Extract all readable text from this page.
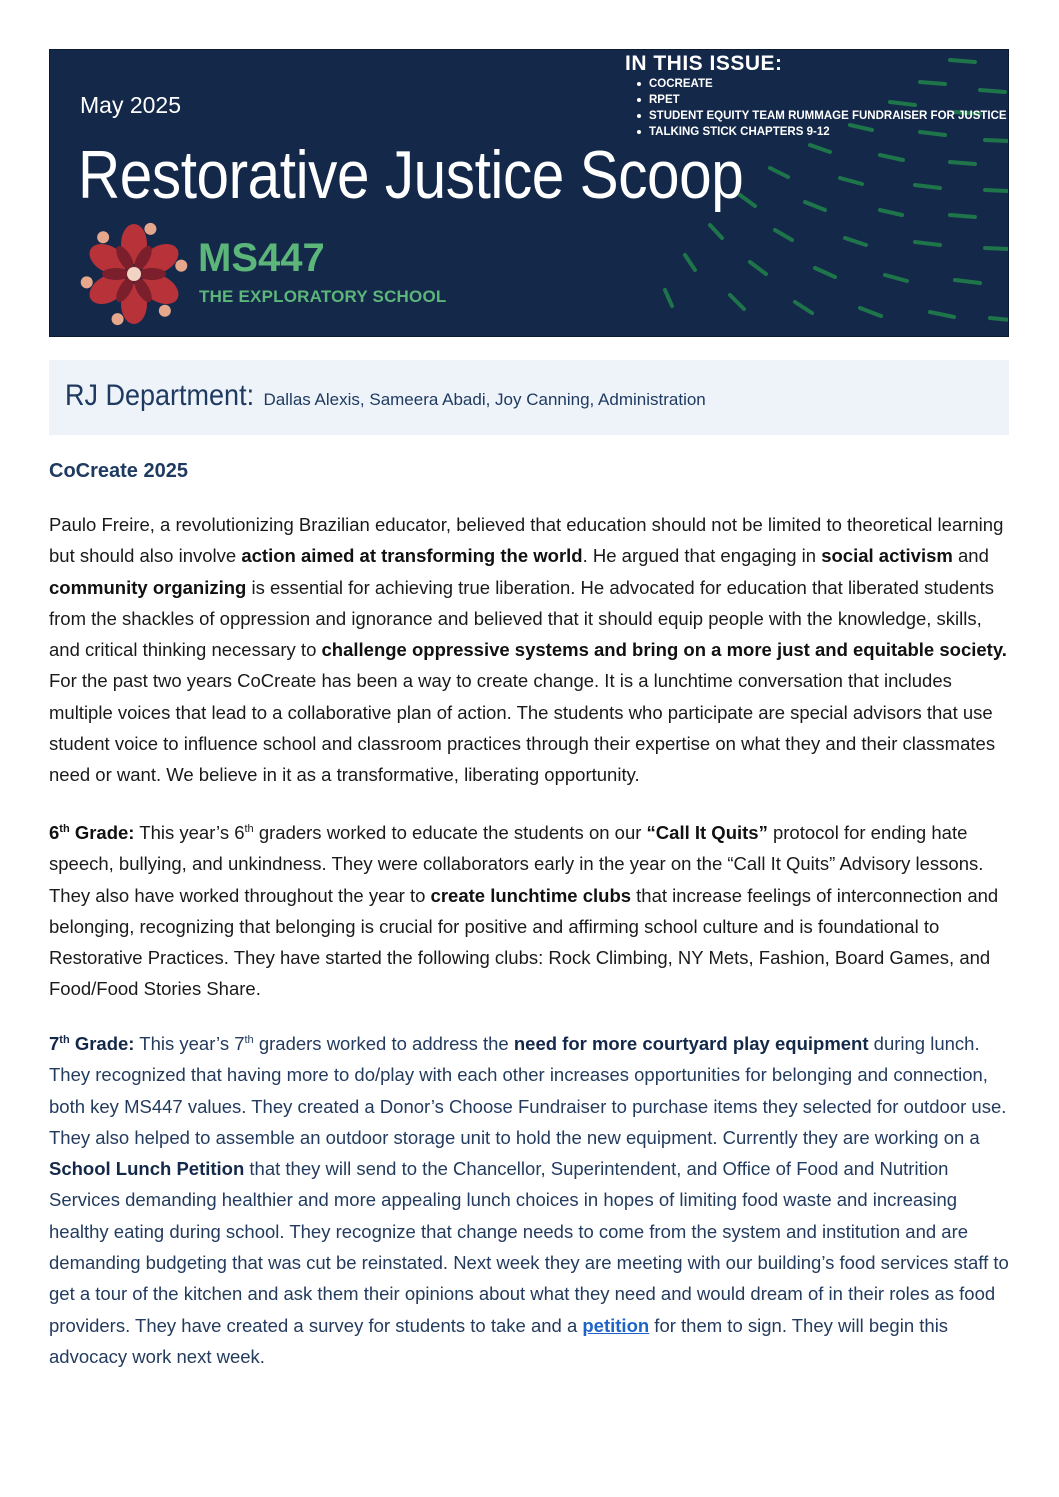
May 2025
Restorative Justice Scoop
IN THIS ISSUE:
COCREATE
RPET
STUDENT EQUITY TEAM RUMMAGE FUNDRAISER FOR JUSTICE
TALKING STICK CHAPTERS 9-12
MS447
THE EXPLORATORY SCHOOL
RJ Department: Dallas Alexis, Sameera Abadi, Joy Canning, Administration
CoCreate 2025

Paulo Freire, a revolutionizing Brazilian educator, believed that education should not be limited to theoretical learning but should also involve action aimed at transforming the world. He argued that engaging in social activism and community organizing is essential for achieving true liberation. He advocated for education that liberated students from the shackles of oppression and ignorance and believed that it should equip people with the knowledge, skills, and critical thinking necessary to challenge oppressive systems and bring on a more just and equitable society. For the past two years CoCreate has been a way to create change. It is a lunchtime conversation that includes multiple voices that lead to a collaborative plan of action. The students who participate are special advisors that use student voice to influence school and classroom practices through their expertise on what they and their classmates need or want. We believe in it as a transformative, liberating opportunity.

6th Grade: This year’s 6th graders worked to educate the students on our “Call It Quits” protocol for ending hate speech, bullying, and unkindness. They were collaborators early in the year on the “Call It Quits” Advisory lessons. They also have worked throughout the year to create lunchtime clubs that increase feelings of interconnection and belonging, recognizing that belonging is crucial for positive and affirming school culture and is foundational to Restorative Practices. They have started the following clubs: Rock Climbing, NY Mets, Fashion, Board Games, and Food/Food Stories Share.

7th Grade: This year’s 7th graders worked to address the need for more courtyard play equipment during lunch. They recognized that having more to do/play with each other increases opportunities for belonging and connection, both key MS447 values. They created a Donor’s Choose Fundraiser to purchase items they selected for outdoor use. They also helped to assemble an outdoor storage unit to hold the new equipment. Currently they are working on a School Lunch Petition that they will send to the Chancellor, Superintendent, and Office of Food and Nutrition Services demanding healthier and more appealing lunch choices in hopes of limiting food waste and increasing healthy eating during school. They recognize that change needs to come from the system and institution and are demanding budgeting that was cut be reinstated. Next week they are meeting with our building’s food services staff to get a tour of the kitchen and ask them their opinions about what they need and would dream of in their roles as food providers. They have created a survey for students to take and a petition for them to sign. They will begin this advocacy work next week.
